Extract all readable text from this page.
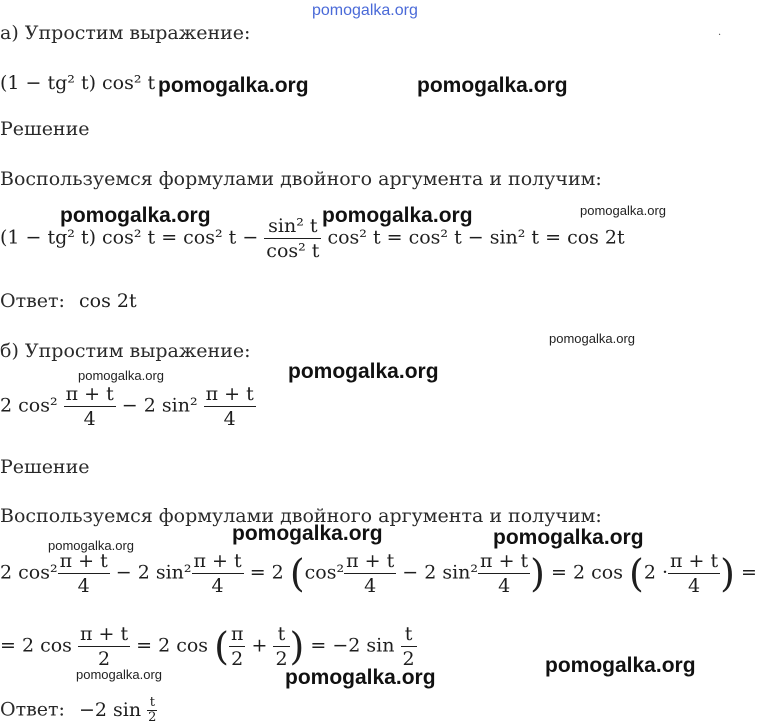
pomogalka.org
·
а) Упростим выражение:
(1 − tg² t) cos² t pomogalka.org	pomogalka.org
Решение
Воспользуемся формулами двойного аргумента и получим:
pomogalka.org	pomogalka.org	pomogalka.org
(1 − tg² t) cos² t = cos² $t - \frac{\text{sin² t}}{\text{cos² t}} \cos^2$ t = cos² t − sin² t = cos 2t
Ответ: cos 2t
pomogalka.org
б) Упростим выражение:
pomogalka.org	pomogalka.org
2 $\cos^2 \frac{\pi + t}{4} - 2$ $\sin^2 \frac{\pi + t}{4}$
Решение
Воспользуемся формулами двойного аргумента и получим:
pomogalka.org	pomogalka.org
pomogalka.org
2 $\cos^2 \frac{\pi + t}{4} - 2$ $\sin^2 \frac{\pi + t}{4} = 2$ ($\cos^2 \frac{\pi + t}{4} - 2$ $\sin^2 \frac{\pi + t}{4}$ ) = 2 $\cos (2 \cdot \frac{\pi + t}{4}$ ) =
= 2 $\cos \frac{\pi + t}{2} = 2$ cos ( $\frac{\pi}{2} + \frac{t}{2}$ ) = −2 $\sin \frac{t}{2}$	pomogalka.org
pomogalka.org	pomogalka.org
Ответ: −2 $\sin \frac{t}{2}$
